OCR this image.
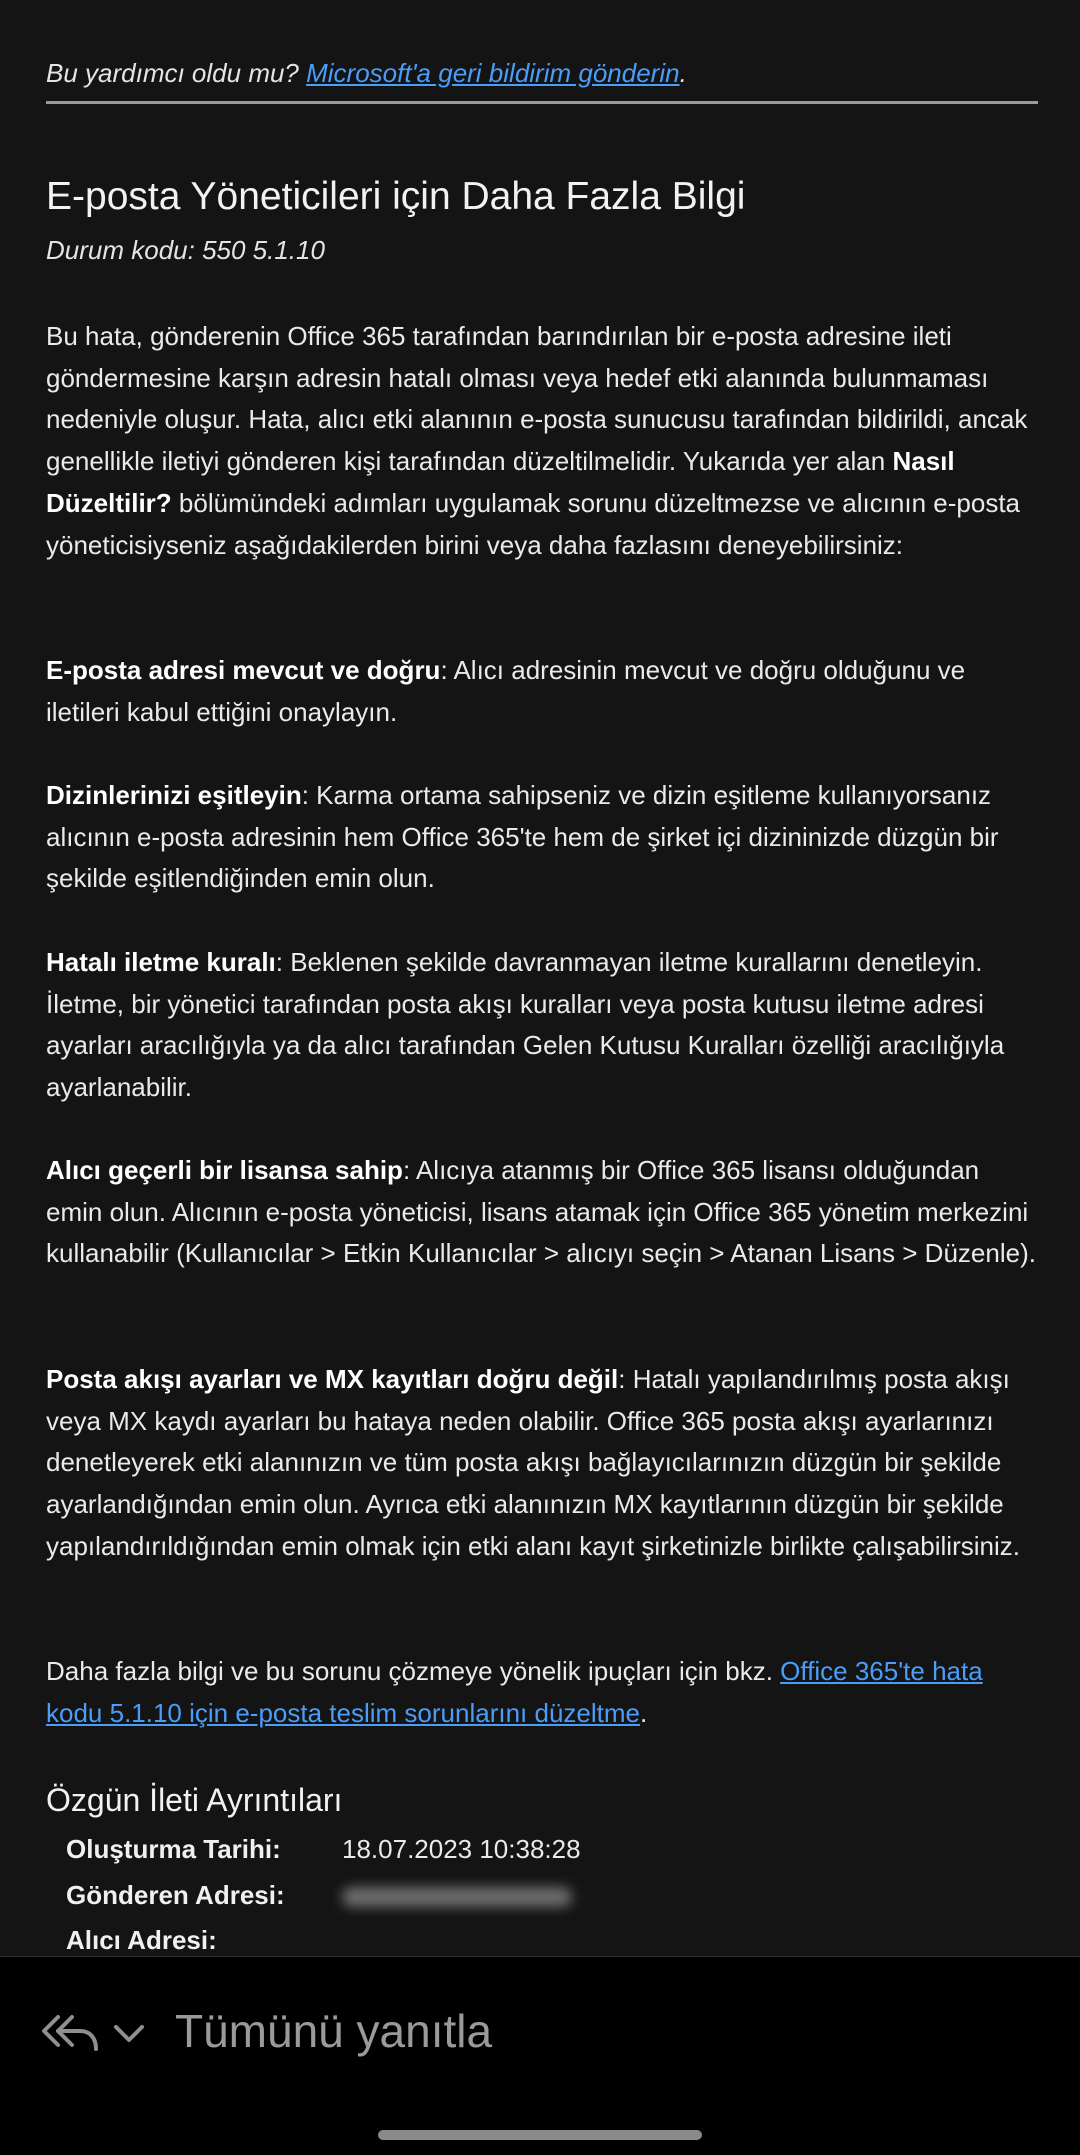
Bu yardımcı oldu mu? Microsoft'a geri bildirim gönderin.
E-posta Yöneticileri için Daha Fazla Bilgi
Durum kodu: 550 5.1.10
Bu hata, gönderenin Office 365 tarafından barındırılan bir e-posta adresine ileti göndermesine karşın adresin hatalı olması veya hedef etki alanında bulunmaması nedeniyle oluşur. Hata, alıcı etki alanının e-posta sunucusu tarafından bildirildi, ancak genellikle iletiyi gönderen kişi tarafından düzeltilmelidir. Yukarıda yer alan Nasıl Düzeltilir? bölümündeki adımları uygulamak sorunu düzeltmezse ve alıcının e-posta yöneticisiyseniz aşağıdakilerden birini veya daha fazlasını deneyebilirsiniz:
E-posta adresi mevcut ve doğru: Alıcı adresinin mevcut ve doğru olduğunu ve iletileri kabul ettiğini onaylayın.
Dizinlerinizi eşitleyin: Karma ortama sahipseniz ve dizin eşitleme kullanıyorsanız alıcının e-posta adresinin hem Office 365'te hem de şirket içi dizininizde düzgün bir şekilde eşitlendiğinden emin olun.
Hatalı iletme kuralı: Beklenen şekilde davranmayan iletme kurallarını denetleyin. İletme, bir yönetici tarafından posta akışı kuralları veya posta kutusu iletme adresi ayarları aracılığıyla ya da alıcı tarafından Gelen Kutusu Kuralları özelliği aracılığıyla ayarlanabilir.
Alıcı geçerli bir lisansa sahip: Alıcıya atanmış bir Office 365 lisansı olduğundan emin olun. Alıcının e-posta yöneticisi, lisans atamak için Office 365 yönetim merkezini kullanabilir (Kullanıcılar > Etkin Kullanıcılar > alıcıyı seçin > Atanan Lisans > Düzenle).
Posta akışı ayarları ve MX kayıtları doğru değil: Hatalı yapılandırılmış posta akışı veya MX kaydı ayarları bu hataya neden olabilir. Office 365 posta akışı ayarlarınızı denetleyerek etki alanınızın ve tüm posta akışı bağlayıcılarınızın düzgün bir şekilde ayarlandığından emin olun. Ayrıca etki alanınızın MX kayıtlarının düzgün bir şekilde yapılandırıldığından emin olmak için etki alanı kayıt şirketinizle birlikte çalışabilirsiniz.
Daha fazla bilgi ve bu sorunu çözmeye yönelik ipuçları için bkz. Office 365'te hata kodu 5.1.10 için e-posta teslim sorunlarını düzeltme.
Özgün İleti Ayrıntıları
Oluşturma Tarihi: 18.07.2023 10:38:28
Gönderen Adresi:
Alıcı Adresi:
Tümünü yanıtla
